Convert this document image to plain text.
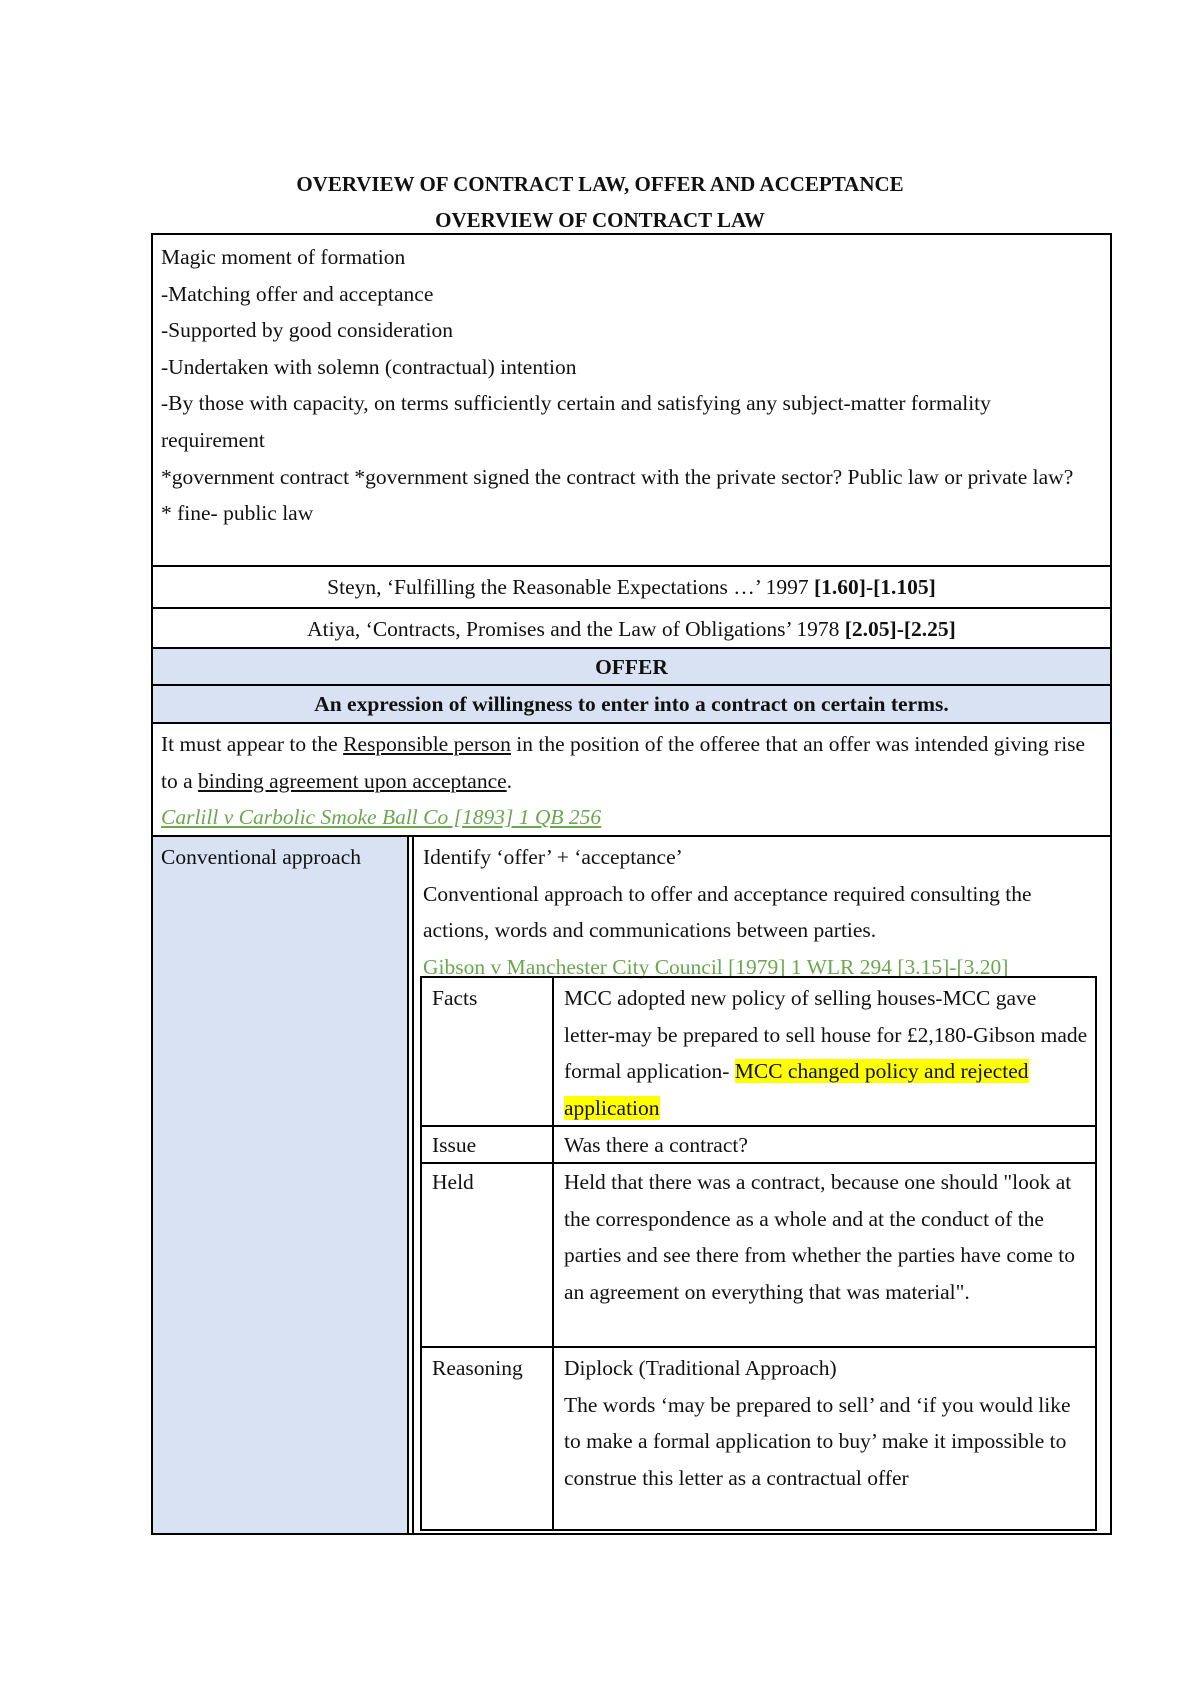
OVERVIEW OF CONTRACT LAW, OFFER AND ACCEPTANCE
OVERVIEW OF CONTRACT LAW
Magic moment of formation
-Matching offer and acceptance
-Supported by good consideration
-Undertaken with solemn (contractual) intention
-By those with capacity, on terms sufficiently certain and satisfying any subject-matter formality requirement
*government contract *government signed the contract with the private sector? Public law or private law?
* fine- public law
Steyn, ‘Fulfilling the Reasonable Expectations …’ 1997 [1.60]-[1.105]
Atiya, ‘Contracts, Promises and the Law of Obligations’ 1978 [2.05]-[2.25]
OFFER
An expression of willingness to enter into a contract on certain terms.
It must appear to the Responsible person in the position of the offeree that an offer was intended giving rise to a binding agreement upon acceptance.
Carlill v Carbolic Smoke Ball Co [1893] 1 QB 256
Conventional approach	Identify ‘offer’ + ‘acceptance’
Conventional approach to offer and acceptance required consulting the actions, words and communications between parties.
Gibson v Manchester City Council [1979] 1 WLR 294 [3.15]-[3.20]
Facts	MCC adopted new policy of selling houses-MCC gave letter-may be prepared to sell house for £2,180-Gibson made formal application- MCC changed policy and rejected application
Issue	Was there a contract?
Held	Held that there was a contract, because one should "look at the correspondence as a whole and at the conduct of the parties and see there from whether the parties have come to an agreement on everything that was material".
Reasoning Diplock (Traditional Approach)
The words ‘may be prepared to sell’ and ‘if you would like to make a formal application to buy’ make it impossible to construe this letter as a contractual offer
